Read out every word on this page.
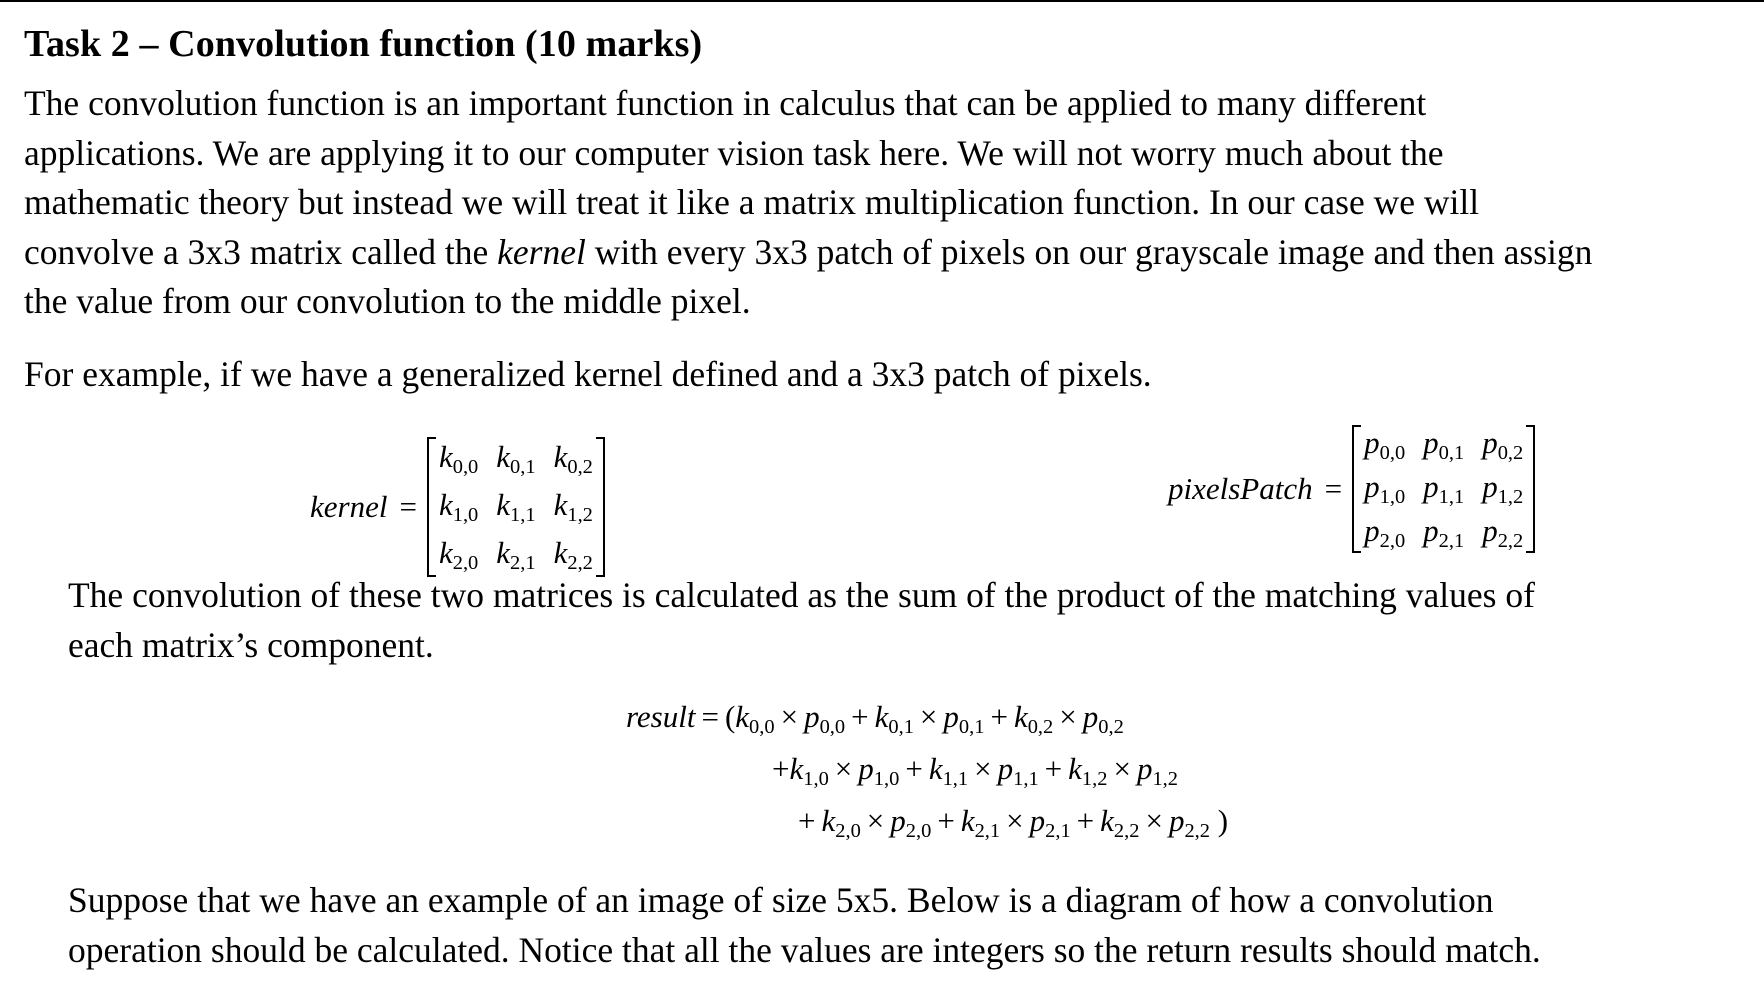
Task 2 – Convolution function (10 marks)
The convolution function is an important function in calculus that can be applied to many different
applications. We are applying it to our computer vision task here. We will not worry much about the
mathematic theory but instead we will treat it like a matrix multiplication function. In our case we will
convolve a 3x3 matrix called the kernel with every 3x3 patch of pixels on our grayscale image and then assign
the value from our convolution to the middle pixel.
For example, if we have a generalized kernel defined and a 3x3 patch of pixels.
kernel =
k0,0	k0,1	k0,2
k1,0	k1,1	k1,2
k2,0	k2,1	k2,2
pixelsPatch =
p0,0	p0,1	p0,2
p1,0	p1,1	p1,2
p2,0	p2,1	p2,2
The convolution of these two matrices is calculated as the sum of the product of the matching values of
each matrix’s component.
result = (k0,0 × p0,0 + k0,1 × p0,1 + k0,2 × p0,2
+k1,0 × p1,0 + k1,1 × p1,1 + k1,2 × p1,2
+ k2,0 × p2,0 + k2,1 × p2,1 + k2,2 × p2,2 )
Suppose that we have an example of an image of size 5x5. Below is a diagram of how a convolution
operation should be calculated. Notice that all the values are integers so the return results should match.
